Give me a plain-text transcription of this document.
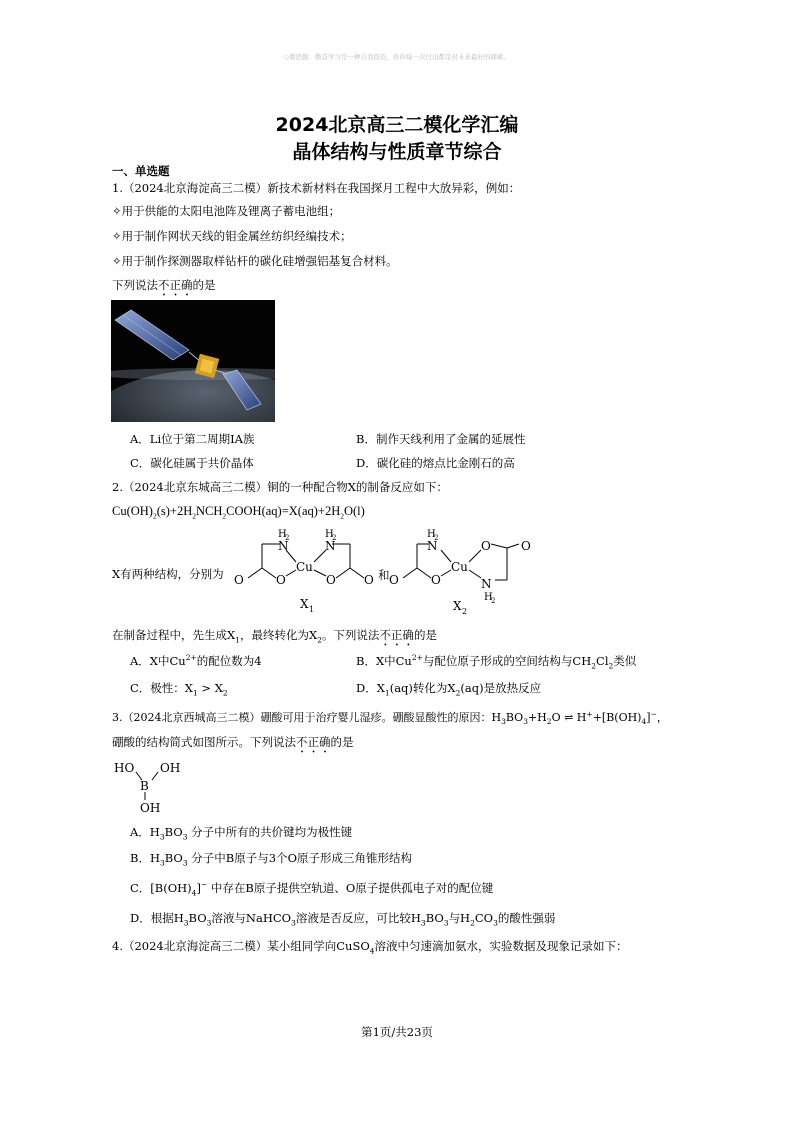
◇微思勤：勤奋学习是一种自我投资，你的每一次付出都是对未来最好的储蓄。
2024北京高三二模化学汇编
晶体结构与性质章节综合
一、单选题
1.（2024北京海淀高三二模）新技术新材料在我国探月工程中大放异彩，例如：
✧用于供能的太阳电池阵及锂离子蓄电池组；
✧用于制作网状天线的钼金属丝纺织经编技术；
✧用于制作探测器取样钻杆的碳化硅增强铝基复合材料。
下列说法不正确的是
A．Li位于第二周期IA族	B．制作天线利用了金属的延展性
C．碳化硅属于共价晶体	D．碳化硅的熔点比金刚石的高
2.（2024北京东城高三二模）铜的一种配合物X的制备反应如下：
$Cu(OH)_2(s)+2H_2NCH_2COOH(aq)=X(aq)+2H_2O(l)$
X有两种结构，分别为
H
2
N
O	O
Cu
H
2
N
O O
X 1
和
H
2
N
O	O
Cu
O	O
N
H
2
X 2
在制备过程中，先生成$X_1$，最终转化为$X_2$。下列说法不正确的是
A．X中$Cu^{2+}$的配位数为4	B．X中$Cu^{2+}$与配位原子形成的空间结构与$CH_2Cl_2$类似
C．极性：$X_1 > X_2$	D．$X_1(aq)$转化为$X_2(aq)$是放热反应
3.（2024北京西城高三二模）硼酸可用于治疗婴儿湿疹。硼酸显酸性的原因：$H_3BO_3+H_2O$ ⇌ $H^++[B(OH)_4]^-$，
硼酸的结构简式如图所示。下列说法不正确的是
HO OH
B
OH
A．$H_3BO_3$ 分子中所有的共价键均为极性键
B．$H_3BO_3$ 分子中B原子与3个O原子形成三角锥形结构
C．$[B(OH)_4]^-$ 中存在B原子提供空轨道、O原子提供孤电子对的配位键
D．根据$H_3BO_3$溶液与NaHCO$_3$溶液是否反应，可比较$H_3BO_3$与$H_2CO_3$的酸性强弱
4.（2024北京海淀高三二模）某小组同学向CuSO$_4$溶液中匀速滴加氨水，实验数据及现象记录如下：
第1页/共23页
